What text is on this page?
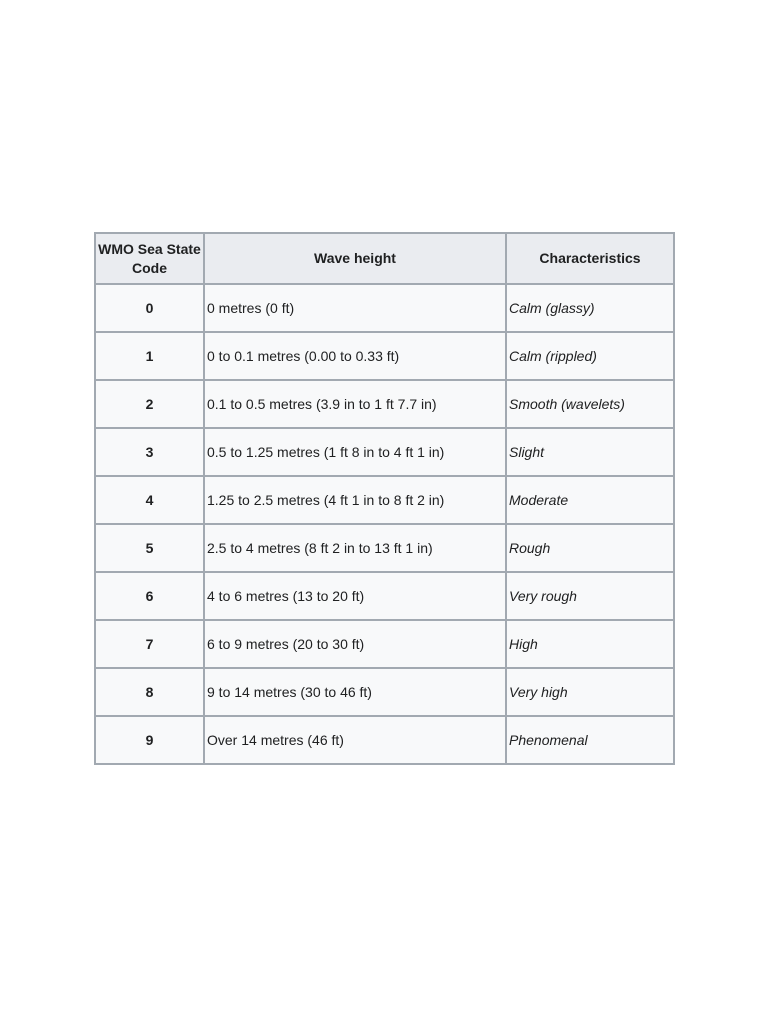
WMO Sea State Code	Wave height	Characteristics
0	0 metres (0 ft)	Calm (glassy)
1	0 to 0.1 metres (0.00 to 0.33 ft)	Calm (rippled)
2	0.1 to 0.5 metres (3.9 in to 1 ft 7.7 in)	Smooth (wavelets)
3	0.5 to 1.25 metres (1 ft 8 in to 4 ft 1 in)	Slight
4	1.25 to 2.5 metres (4 ft 1 in to 8 ft 2 in)	Moderate
5	2.5 to 4 metres (8 ft 2 in to 13 ft 1 in)	Rough
6	4 to 6 metres (13 to 20 ft)	Very rough
7	6 to 9 metres (20 to 30 ft)	High
8	9 to 14 metres (30 to 46 ft)	Very high
9	Over 14 metres (46 ft)	Phenomenal
